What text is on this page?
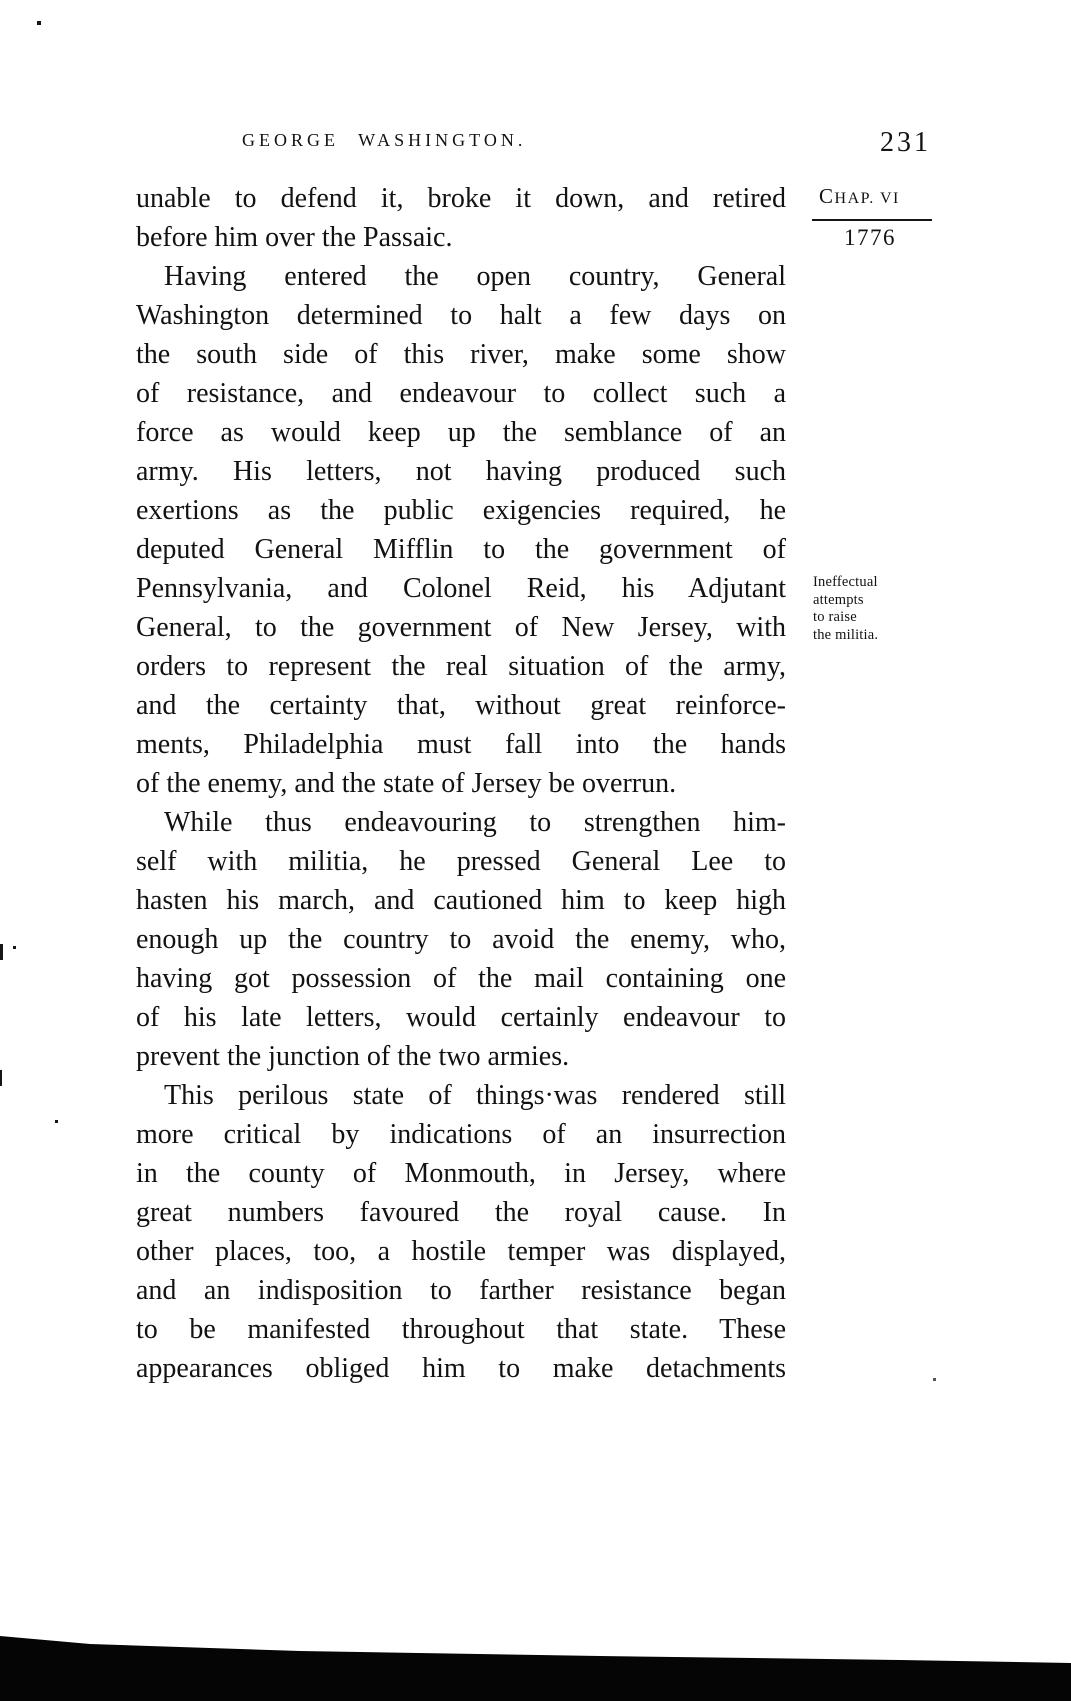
GEORGE WASHINGTON.	231
CHAP. VI
1776
unable to defend it, broke it down, and retired
before him over the Passaic.
Having entered the open country, General
Washington determined to halt a few days on
the south side of this river, make some show
of resistance, and endeavour to collect such a
force as would keep up the semblance of an
army. His letters, not having produced such
exertions as the public exigencies required, he
deputed General Mifflin to the government of
Pennsylvania, and Colonel Reid, his Adjutant
General, to the government of New Jersey, with
orders to represent the real situation of the army,
and the certainty that, without great reinforce-
ments, Philadelphia must fall into the hands
of the enemy, and the state of Jersey be overrun.
While thus endeavouring to strengthen him-
self with militia, he pressed General Lee to
hasten his march, and cautioned him to keep high
enough up the country to avoid the enemy, who,
having got possession of the mail containing one
of his late letters, would certainly endeavour to
prevent the junction of the two armies.
This perilous state of things·was rendered still
more critical by indications of an insurrection
in the county of Monmouth, in Jersey, where
great numbers favoured the royal cause. In
other places, too, a hostile temper was displayed,
and an indisposition to farther resistance began
to be manifested throughout that state. These
appearances obliged him to make detachments
Ineffectual
attempts
to raise
the militia.
